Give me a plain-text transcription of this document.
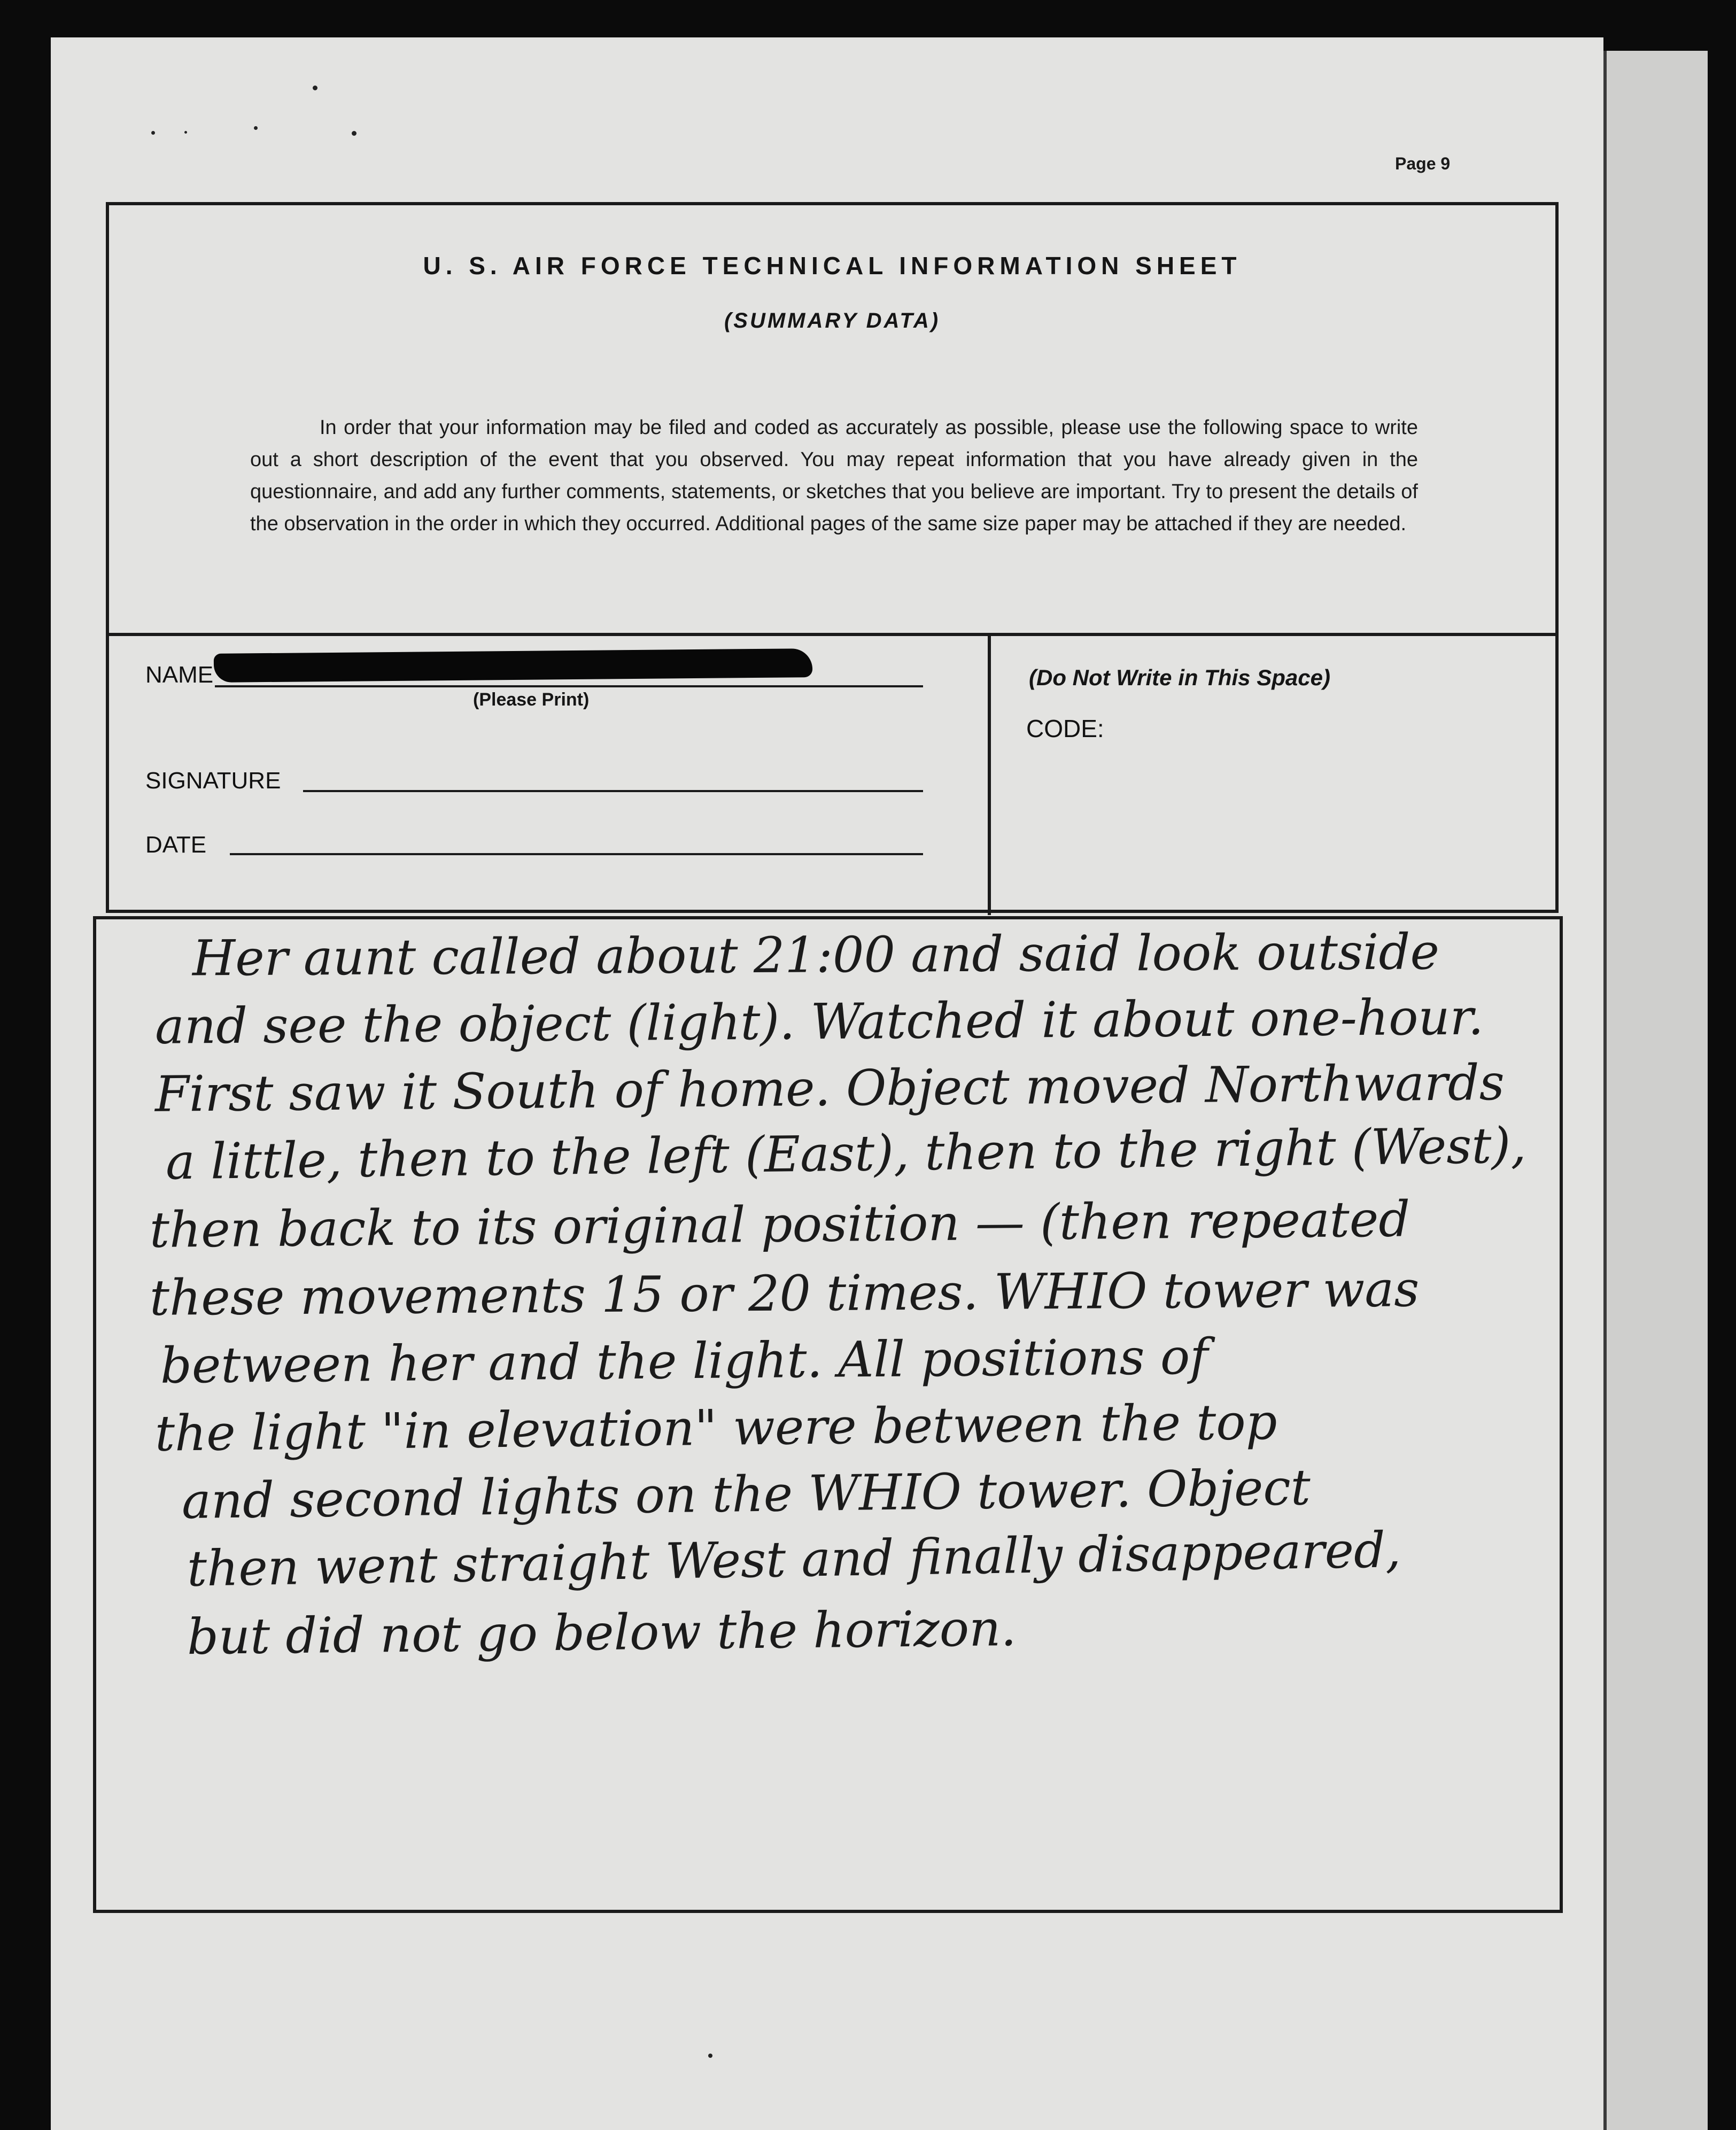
Page 9
U. S. AIR FORCE TECHNICAL INFORMATION SHEET
(SUMMARY DATA)

In order that your information may be filed and coded as accurately as possible, please use the following space to write out a short description of the event that you observed. You may repeat information that you have already given in the questionnaire, and add any further comments, statements, or sketches that you believe are important. Try to present the details of the observation in the order in which they occurred. Additional pages of the same size paper may be attached if they are needed.

NAME
(Please Print)
SIGNATURE
DATE
(Do Not Write in This Space)
CODE:
Her aunt called about 21:00 and said look outside
and see the object (light). Watched it about one-hour.
First saw it South of home. Object moved Northwards
a little, then to the left (East), then to the right (West),
then back to its original position — (then repeated
these movements 15 or 20 times. WHIO tower was
between her and the light. All positions of
the light "in elevation" were between the top
and second lights on the WHIO tower. Object
then went straight West and finally disappeared,
but did not go below the horizon.
